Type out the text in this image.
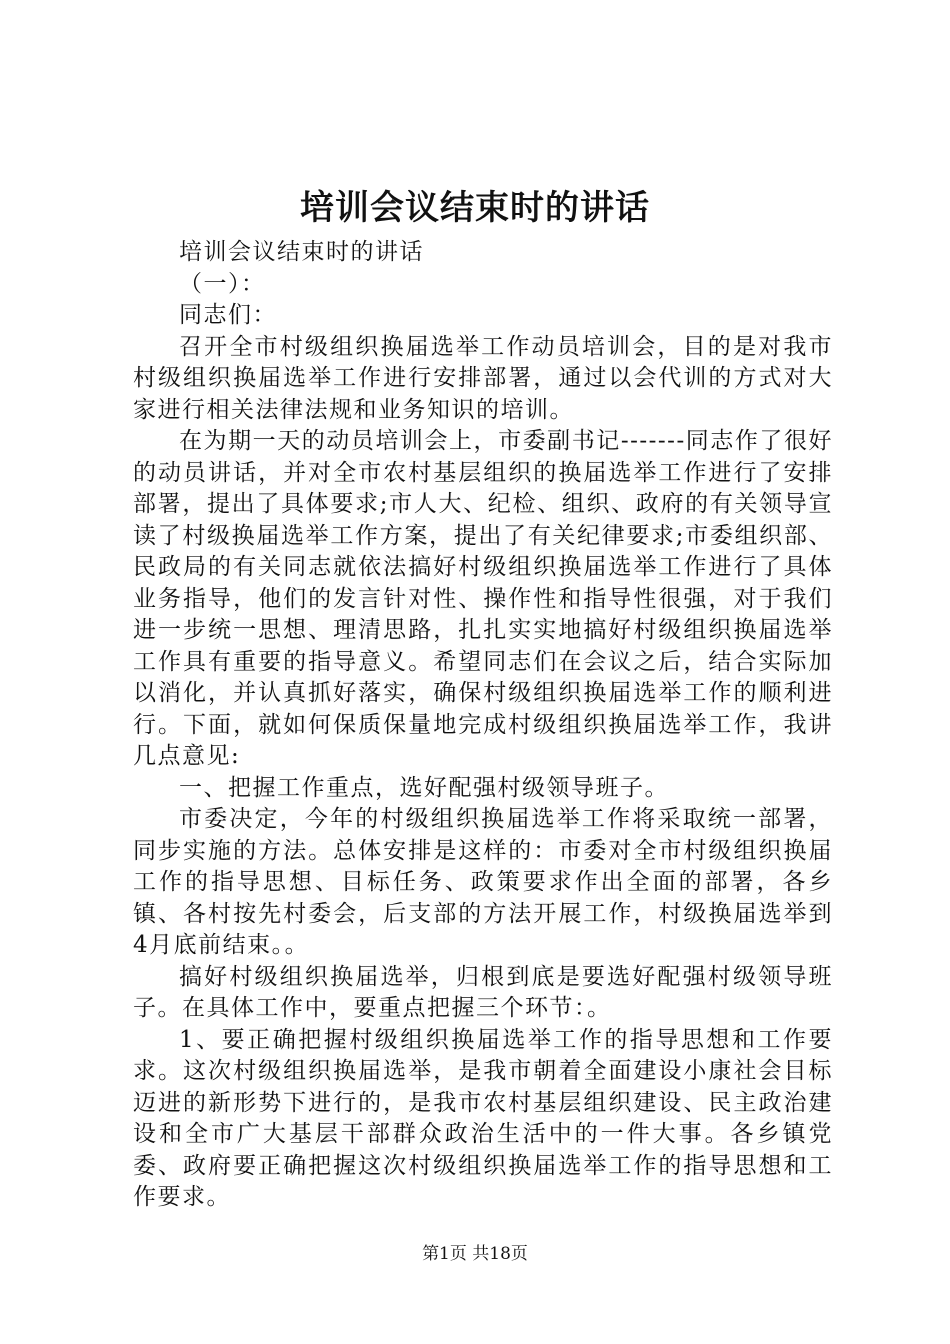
培训会议结束时的讲话

培训会议结束时的讲话

（一）：

同志们：

召开全市村级组织换届选举工作动员培训会，目的是对我市村级组织换届选举工作进行安排部署，通过以会代训的方式对大家进行相关法律法规和业务知识的培训。

在为期一天的动员培训会上，市委副书记-------同志作了很好的动员讲话，并对全市农村基层组织的换届选举工作进行了安排部署，提出了具体要求;市人大、纪检、组织、政府的有关领导宣读了村级换届选举工作方案，提出了有关纪律要求;市委组织部、民政局的有关同志就依法搞好村级组织换届选举工作进行了具体业务指导，他们的发言针对性、操作性和指导性很强，对于我们进一步统一思想、理清思路，扎扎实实地搞好村级组织换届选举工作具有重要的指导意义。希望同志们在会议之后，结合实际加以消化，并认真抓好落实，确保村级组织换届选举工作的顺利进行。下面，就如何保质保量地完成村级组织换届选举工作，我讲几点意见:

一、把握工作重点，选好配强村级领导班子。

市委决定，今年的村级组织换届选举工作将采取统一部署，同步实施的方法。总体安排是这样的：市委对全市村级组织换届工作的指导思想、目标任务、政策要求作出全面的部署，各乡镇、各村按先村委会，后支部的方法开展工作，村级换届选举到4月底前结束。。

搞好村级组织换届选举，归根到底是要选好配强村级领导班子。在具体工作中，要重点把握三个环节：。

1、要正确把握村级组织换届选举工作的指导思想和工作要求。这次村级组织换届选举，是我市朝着全面建设小康社会目标迈进的新形势下进行的，是我市农村基层组织建设、民主政治建设和全市广大基层干部群众政治生活中的一件大事。各乡镇党委、政府要正确把握这次村级组织换届选举工作的指导思想和工作要求。

第1页 共18页
